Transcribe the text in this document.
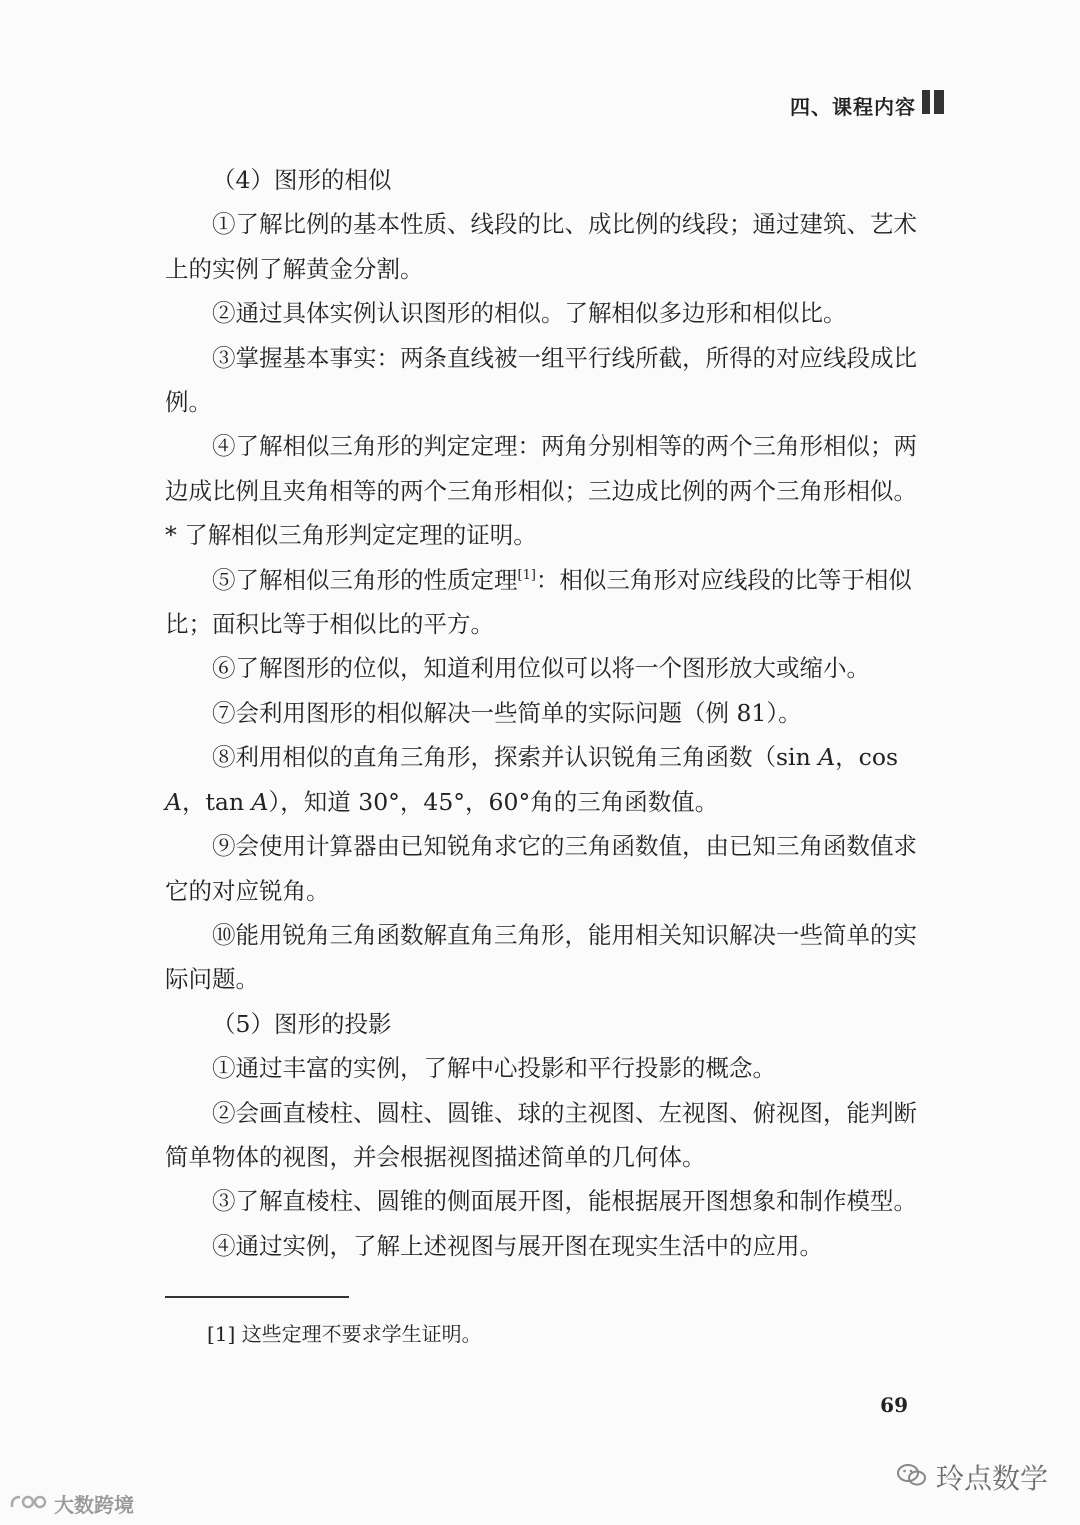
四、课程内容

（4）图形的相似

①了解比例的基本性质、线段的比、成比例的线段；通过建筑、艺术上的实例了解黄金分割。

②通过具体实例认识图形的相似。了解相似多边形和相似比。

③掌握基本事实：两条直线被一组平行线所截，所得的对应线段成比例。

④了解相似三角形的判定定理：两角分别相等的两个三角形相似；两边成比例且夹角相等的两个三角形相似；三边成比例的两个三角形相似。* 了解相似三角形判定定理的证明。

⑤了解相似三角形的性质定理[1]：相似三角形对应线段的比等于相似比；面积比等于相似比的平方。

⑥了解图形的位似，知道利用位似可以将一个图形放大或缩小。

⑦会利用图形的相似解决一些简单的实际问题（例 81）。

⑧利用相似的直角三角形，探索并认识锐角三角函数（sin A，cos A，tan A），知道 30°，45°，60°角的三角函数值。

⑨会使用计算器由已知锐角求它的三角函数值，由已知三角函数值求它的对应锐角。

⑩能用锐角三角函数解直角三角形，能用相关知识解决一些简单的实际问题。

（5）图形的投影

①通过丰富的实例，了解中心投影和平行投影的概念。

②会画直棱柱、圆柱、圆锥、球的主视图、左视图、俯视图，能判断简单物体的视图，并会根据视图描述简单的几何体。

③了解直棱柱、圆锥的侧面展开图，能根据展开图想象和制作模型。

④通过实例，了解上述视图与展开图在现实生活中的应用。

[1] 这些定理不要求学生证明。
69
玲点数学
大数跨境
